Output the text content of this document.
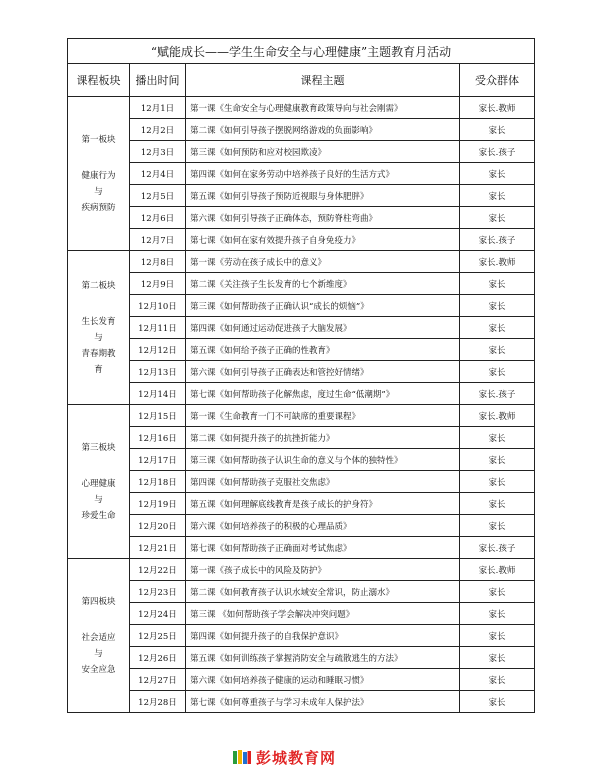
“赋能成长——学生生命安全与心理健康”主题教育月活动			
课程板块	播出时间	课程主题	受众群体

第一板块
健康行为
与
疾病预防	12月1日	第一课《生命安全与心理健康教育政策导向与社会刚需》	家长.教师
	12月2日	第二课《如何引导孩子摆脱网络游戏的负面影响》	家长
	12月3日	第三课《如何预防和应对校园欺凌》	家长.孩子
	12月4日	第四课《如何在家务劳动中培养孩子良好的生活方式》	家长
	12月5日	第五课《如何引导孩子预防近视眼与身体肥胖》	家长
	12月6日	第六课《如何引导孩子正确体态，预防脊柱弯曲》	家长
	12月7日	第七课《如何在家有效提升孩子自身免疫力》	家长.孩子

第二板块
生长发育
与
青春期教
育	12月8日	第一课《劳动在孩子成长中的意义》	家长.教师
	12月9日	第二课《关注孩子生长发育的七个新维度》	家长
	12月10日	第三课《如何帮助孩子正确认识“成长的烦恼”》	家长
	12月11日	第四课《如何通过运动促进孩子大脑发展》	家长
	12月12日	第五课《如何给予孩子正确的性教育》	家长
	12月13日	第六课《如何引导孩子正确表达和管控好情绪》	家长
	12月14日	第七课《如何帮助孩子化解焦虑，度过生命“低潮期”》	家长.孩子

第三板块
心理健康
与
珍爱生命	12月15日	第一课《生命教育一门不可缺席的重要课程》	家长.教师
	12月16日	第二课《如何提升孩子的抗挫折能力》	家长
	12月17日	第三课《如何帮助孩子认识生命的意义与个体的独特性》	家长
	12月18日	第四课《如何帮助孩子克服社交焦虑》	家长
	12月19日	第五课《如何理解底线教育是孩子成长的护身符》	家长
	12月20日	第六课《如何培养孩子的积极的心理品质》	家长
	12月21日	第七课《如何帮助孩子正确面对考试焦虑》	家长.孩子

第四板块
社会适应
与
安全应急	12月22日	第一课《孩子成长中的风险及防护》	家长.教师
	12月23日	第二课《如何教育孩子认识水域安全常识，防止溺水》	家长
	12月24日	第三课 《如何帮助孩子学会解决冲突问题》	家长
	12月25日	第四课《如何提升孩子的自我保护意识》	家长
	12月26日	第五课《如何训练孩子掌握消防安全与疏散逃生的方法》	家长
	12月27日	第六课《如何培养孩子健康的运动和睡眠习惯》	家长
	12月28日	第七课《如何尊重孩子与学习未成年人保护法》	家长
彭城教育网
